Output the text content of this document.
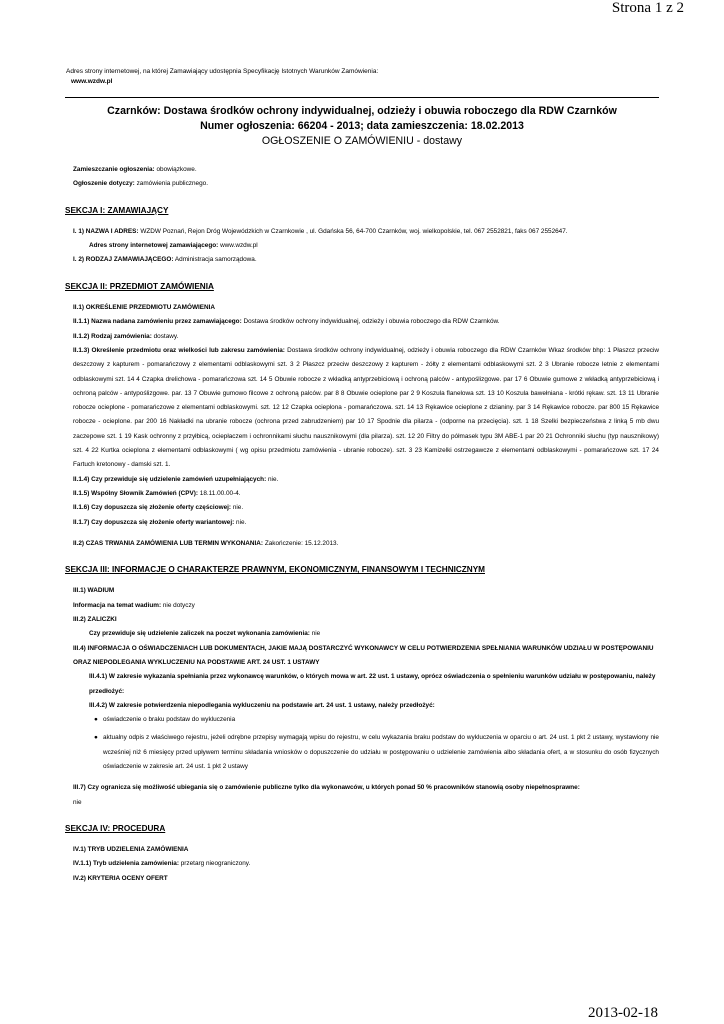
Strona 1 z 2
Adres strony internetowej, na której Zamawiający udostępnia Specyfikację Istotnych Warunków Zamówienia:
www.wzdw.pl
Czarnków: Dostawa środków ochrony indywidualnej, odzieży i obuwia roboczego dla RDW Czarnków
Numer ogłoszenia: 66204 - 2013; data zamieszczenia: 18.02.2013
OGŁOSZENIE O ZAMÓWIENIU - dostawy

Zamieszczanie ogłoszenia: obowiązkowe.

Ogłoszenie dotyczy: zamówienia publicznego.

SEKCJA I: ZAMAWIAJĄCY

I. 1) NAZWA I ADRES: WZDW Poznań, Rejon Dróg Wojewódzkich w Czarnkowie , ul. Gdańska 56, 64-700 Czarnków, woj. wielkopolskie, tel. 067 2552821, faks 067 2552647.

Adres strony internetowej zamawiającego: www.wzdw.pl

I. 2) RODZAJ ZAMAWIAJĄCEGO: Administracja samorządowa.

SEKCJA II: PRZEDMIOT ZAMÓWIENIA

II.1) OKREŚLENIE PRZEDMIOTU ZAMÓWIENIA

II.1.1) Nazwa nadana zamówieniu przez zamawiającego: Dostawa środków ochrony indywidualnej, odzieży i obuwia roboczego dla RDW Czarnków.

II.1.2) Rodzaj zamówienia: dostawy.

II.1.3) Określenie przedmiotu oraz wielkości lub zakresu zamówienia: Dostawa środków ochrony indywidualnej, odzieży i obuwia roboczego dla RDW Czarnków Wkaz środków bhp: 1 Płaszcz przeciw deszczowy z kapturem - pomarańczowy z elementami odblaskowymi szt. 3 2 Płaszcz przeciw deszczowy z kapturem - żółty z elementami odblaskowymi szt. 2 3 Ubranie robocze letnie z elementami odblaskowymi szt. 14 4 Czapka drelichowa - pomarańczowa szt. 14 5 Obuwie robocze z wkładką antyprzebiciową i ochroną palców - antypoślizgowe. par 17 6 Obuwie gumowe z wkładką antyprzebiciową i ochroną palców - antypoślizgowe. par. 13 7 Obuwie gumowo filcowe z ochroną palców. par 8 8 Obuwie ocieplone par 2 9 Koszula flanelowa szt. 13 10 Koszula bawełniana - krótki rękaw. szt. 13 11 Ubranie robocze ocieplone - pomarańczowe z elementami odblaskowymi. szt. 12 12 Czapka ocieplona - pomarańczowa. szt. 14 13 Rękawice ocieplone z dzianiny. par 3 14 Rękawice robocze. par 800 15 Rękawice robocze - ocieplone. par 200 16 Nakładki na ubranie robocze (ochrona przed zabrudzeniem) par 10 17 Spodnie dla pilarza - (odporne na przecięcia). szt. 1 18 Szelki bezpieczeństwa z linką 5 mb dwu zaczepowe szt. 1 19 Kask ochronny z przyłbicą, ociepłaczem i ochronnikami słuchu nausznikowymi (dla pilarza). szt. 12 20 Filtry do półmasek typu 3M ABE-1 par 20 21 Ochronniki słuchu (typ nausznikowy) szt. 4 22 Kurtka ocieplona z elementami odblaskowymi ( wg opisu przedmiotu zamówienia - ubranie robocze). szt. 3 23 Kamizelki ostrzegawcze z elementami odblaskowymi - pomarańczowe szt. 17 24 Fartuch kretonowy - damski szt. 1.

II.1.4) Czy przewiduje się udzielenie zamówień uzupełniających: nie.

II.1.5) Wspólny Słownik Zamówień (CPV): 18.11.00.00-4.

II.1.6) Czy dopuszcza się złożenie oferty częściowej: nie.

II.1.7) Czy dopuszcza się złożenie oferty wariantowej: nie.

II.2) CZAS TRWANIA ZAMÓWIENIA LUB TERMIN WYKONANIA: Zakończenie: 15.12.2013.

SEKCJA III: INFORMACJE O CHARAKTERZE PRAWNYM, EKONOMICZNYM, FINANSOWYM I TECHNICZNYM

III.1) WADIUM

Informacja na temat wadium: nie dotyczy

III.2) ZALICZKI

Czy przewiduje się udzielenie zaliczek na poczet wykonania zamówienia: nie

III.4) INFORMACJA O OŚWIADCZENIACH LUB DOKUMENTACH, JAKIE MAJĄ DOSTARCZYĆ WYKONAWCY W CELU POTWIERDZENIA SPEŁNIANIA WARUNKÓW UDZIAŁU W POSTĘPOWANIU ORAZ NIEPODLEGANIA WYKLUCZENIU NA PODSTAWIE ART. 24 UST. 1 USTAWY

III.4.1) W zakresie wykazania spełniania przez wykonawcę warunków, o których mowa w art. 22 ust. 1 ustawy, oprócz oświadczenia o spełnieniu warunków udziału w postępowaniu, należy przedłożyć:

III.4.2) W zakresie potwierdzenia niepodlegania wykluczeniu na podstawie art. 24 ust. 1 ustawy, należy przedłożyć:

● oświadczenie o braku podstaw do wykluczenia
● aktualny odpis z właściwego rejestru, jeżeli odrębne przepisy wymagają wpisu do rejestru, w celu wykazania braku podstaw do wykluczenia w oparciu o art. 24 ust. 1 pkt 2 ustawy, wystawiony nie wcześniej niż 6 miesięcy przed upływem terminu składania wniosków o dopuszczenie do udziału w postępowaniu o udzielenie zamówienia albo składania ofert, a w stosunku do osób fizycznych oświadczenie w zakresie art. 24 ust. 1 pkt 2 ustawy

III.7) Czy ogranicza się możliwość ubiegania się o zamówienie publiczne tylko dla wykonawców, u których ponad 50 % pracowników stanowią osoby niepełnosprawne:
nie

SEKCJA IV: PROCEDURA

IV.1) TRYB UDZIELENIA ZAMÓWIENIA

IV.1.1) Tryb udzielenia zamówienia: przetarg nieograniczony.

IV.2) KRYTERIA OCENY OFERT

2013-02-18
